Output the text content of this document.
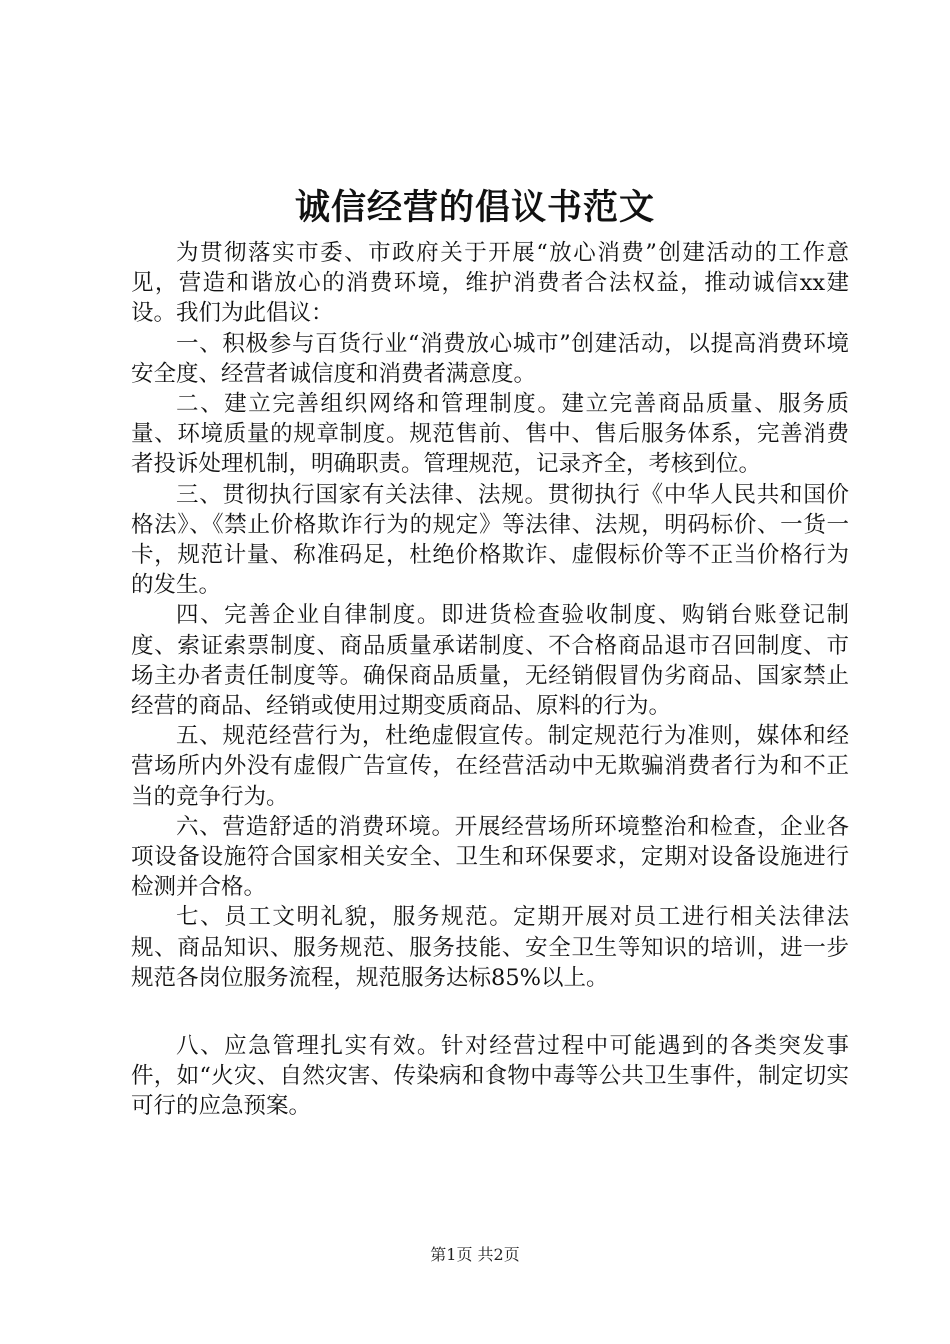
诚信经营的倡议书范文

为贯彻落实市委、市政府关于开展“放心消费”创建活动的工作意见，营造和谐放心的消费环境，维护消费者合法权益，推动诚信xx建设。我们为此倡议：

一、积极参与百货行业“消费放心城市”创建活动，以提高消费环境安全度、经营者诚信度和消费者满意度。

二、建立完善组织网络和管理制度。建立完善商品质量、服务质量、环境质量的规章制度。规范售前、售中、售后服务体系，完善消费者投诉处理机制，明确职责。管理规范，记录齐全，考核到位。

三、贯彻执行国家有关法律、法规。贯彻执行《中华人民共和国价格法》、《禁止价格欺诈行为的规定》等法律、法规，明码标价、一货一卡，规范计量、称准码足，杜绝价格欺诈、虚假标价等不正当价格行为的发生。

四、完善企业自律制度。即进货检查验收制度、购销台账登记制度、索证索票制度、商品质量承诺制度、不合格商品退市召回制度、市场主办者责任制度等。确保商品质量，无经销假冒伪劣商品、国家禁止经营的商品、经销或使用过期变质商品、原料的行为。

五、规范经营行为，杜绝虚假宣传。制定规范行为准则，媒体和经营场所内外没有虚假广告宣传，在经营活动中无欺骗消费者行为和不正当的竞争行为。

六、营造舒适的消费环境。开展经营场所环境整治和检查，企业各项设备设施符合国家相关安全、卫生和环保要求，定期对设备设施进行检测并合格。

七、员工文明礼貌，服务规范。定期开展对员工进行相关法律法规、商品知识、服务规范、服务技能、安全卫生等知识的培训，进一步规范各岗位服务流程，规范服务达标85%以上。

八、应急管理扎实有效。针对经营过程中可能遇到的各类突发事件，如“火灾、自然灾害、传染病和食物中毒等公共卫生事件，制定切实可行的应急预案。

第1页 共2页
